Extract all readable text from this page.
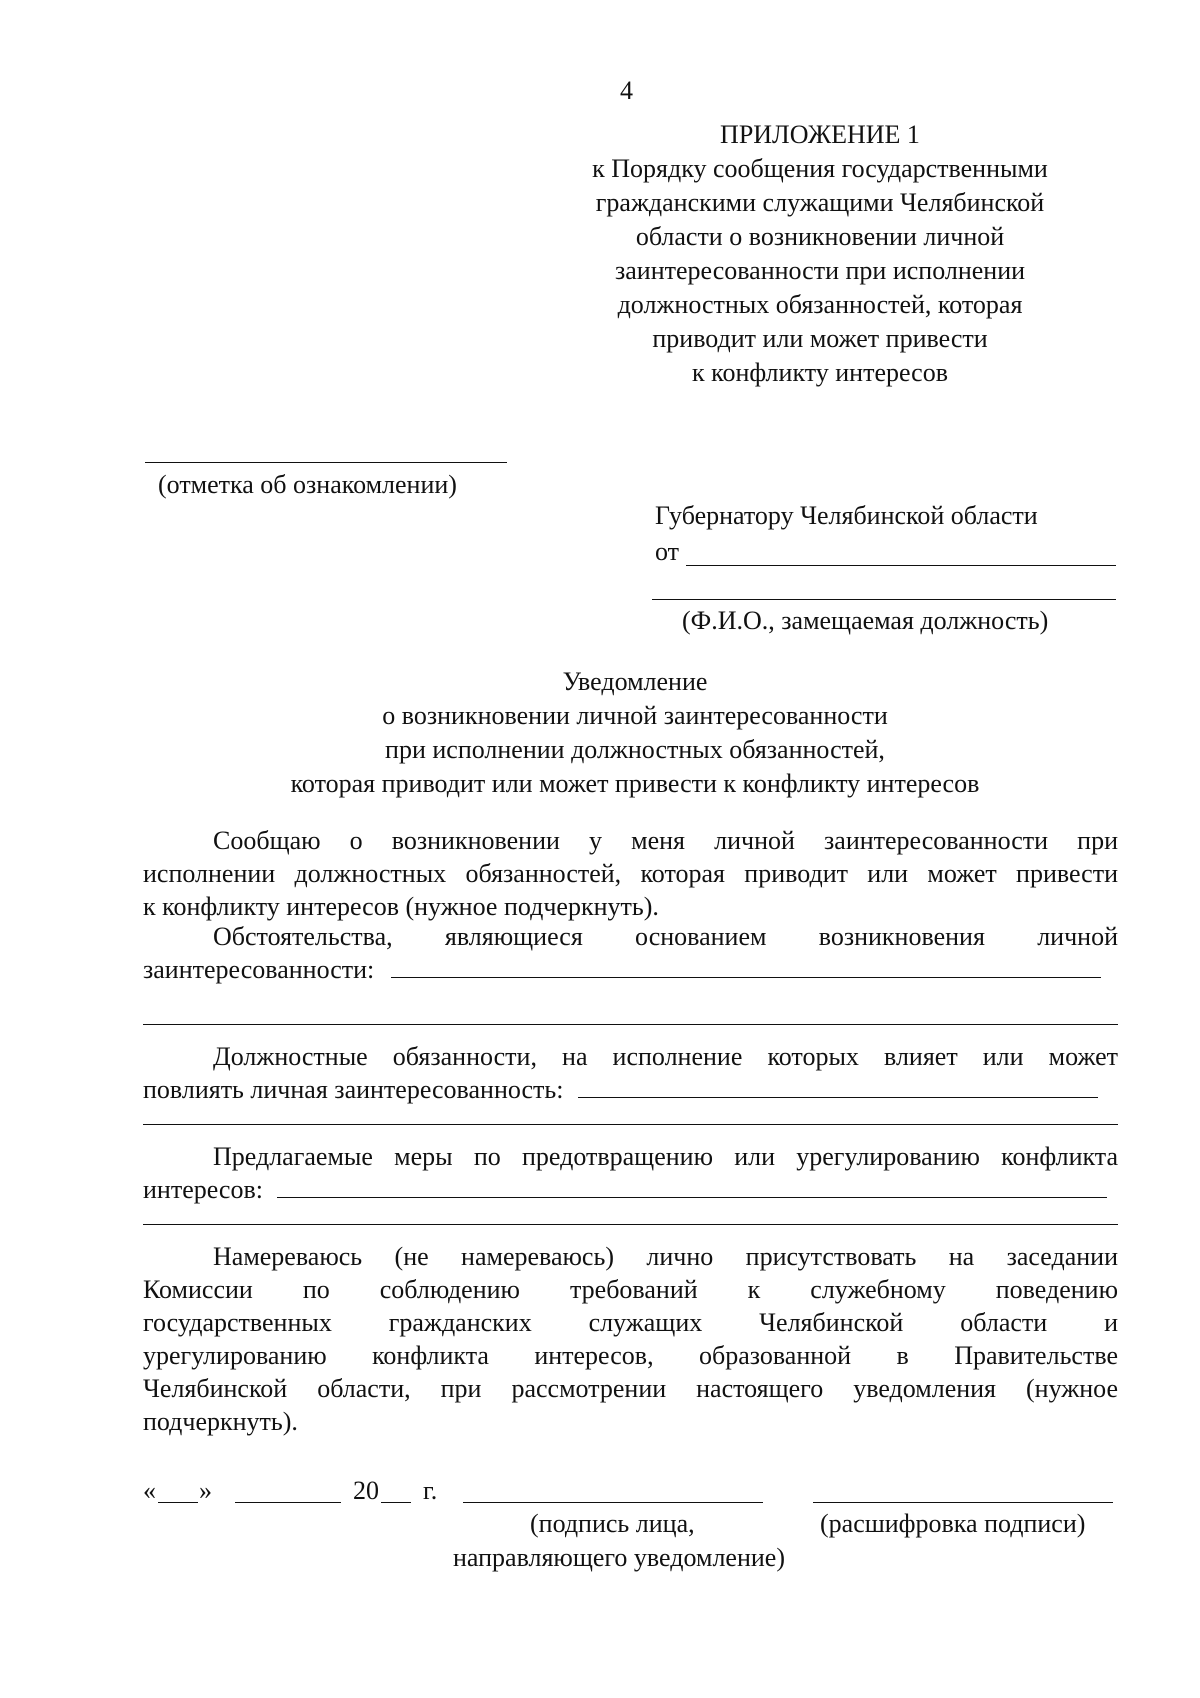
4
ПРИЛОЖЕНИЕ 1
к Порядку сообщения государственными
гражданскими служащими Челябинской
области о возникновении личной
заинтересованности при исполнении
должностных обязанностей, которая
приводит или может привести
к конфликту интересов
(отметка об ознакомлении)
Губернатору Челябинской области
от
(Ф.И.О., замещаемая должность)
Уведомление
о возникновении личной заинтересованности
при исполнении должностных обязанностей,
которая приводит или может привести к конфликту интересов
Сообщаю о возникновении у меня личной заинтересованности при
исполнении должностных обязанностей, которая приводит или может привести
к конфликту интересов (нужное подчеркнуть).
Обстоятельства, являющиеся основанием возникновения личной
заинтересованности:
Должностные обязанности, на исполнение которых влияет или может
повлиять личная заинтересованность:
Предлагаемые меры по предотвращению или урегулированию конфликта
интересов:
Намереваюсь (не намереваюсь) лично присутствовать на заседании
Комиссии по соблюдению требований к служебному поведению
государственных гражданских служащих Челябинской области и
урегулированию конфликта интересов, образованной в Правительстве
Челябинской области, при рассмотрении настоящего уведомления (нужное
подчеркнуть).
« »	20 г.
(подпись лица,	(расшифровка подписи)
направляющего уведомление)
